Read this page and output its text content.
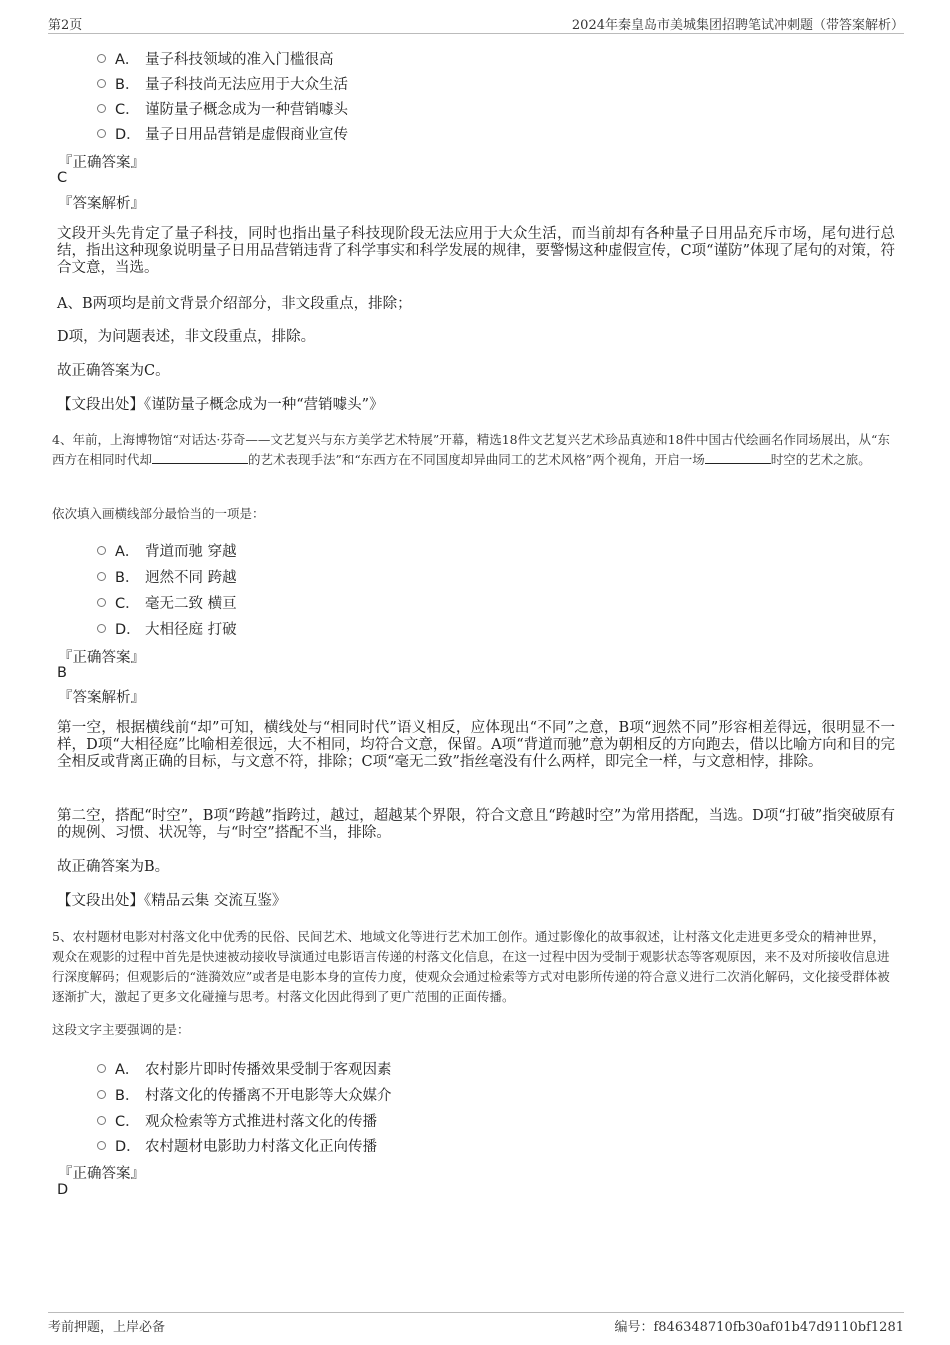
第2页	2024年秦皇岛市美城集团招聘笔试冲刺题（带答案解析）
A． 量子科技领域的准入门槛很高
B． 量子科技尚无法应用于大众生活
C． 谨防量子概念成为一种营销噱头
D． 量子日用品营销是虚假商业宣传
『正确答案』
C
『答案解析』
文段开头先肯定了量子科技，同时也指出量子科技现阶段无法应用于大众生活，而当前却有各种量子日用品充斥市场，尾句进行总结，指出这种现象说明量子日用品营销违背了科学事实和科学发展的规律，要警惕这种虚假宣传，C项“谨防”体现了尾句的对策，符合文意，当选。
A、B两项均是前文背景介绍部分，非文段重点，排除；
D项，为问题表述，非文段重点，排除。
故正确答案为C。
【文段出处】《谨防量子概念成为一种“营销噱头”》
4、年前，上海博物馆“对话达·芬奇——文艺复兴与东方美学艺术特展”开幕，精选18件文艺复兴艺术珍品真迹和18件中国古代绘画名作同场展出，从“东西方在相同时代却	的艺术表现手法”和“东西方在不同国度却异曲同工的艺术风格”两个视角，开启一场	时空的艺术之旅。
依次填入画横线部分最恰当的一项是：
A． 背道而驰 穿越
B． 迥然不同 跨越
C． 毫无二致 横亘
D． 大相径庭 打破
『正确答案』
B
『答案解析』
第一空，根据横线前“却”可知，横线处与“相同时代”语义相反，应体现出“不同”之意，B项“迥然不同”形容相差得远，很明显不一样，D项“大相径庭”比喻相差很远，大不相同，均符合文意，保留。A项“背道而驰”意为朝相反的方向跑去，借以比喻方向和目的完全相反或背离正确的目标，与文意不符，排除；C项“毫无二致”指丝毫没有什么两样，即完全一样，与文意相悖，排除。
第二空，搭配“时空”，B项“跨越”指跨过，越过，超越某个界限，符合文意且“跨越时空”为常用搭配，当选。D项“打破”指突破原有的规例、习惯、状况等，与“时空”搭配不当，排除。
故正确答案为B。
【文段出处】《精品云集 交流互鉴》
5、农村题材电影对村落文化中优秀的民俗、民间艺术、地域文化等进行艺术加工创作。通过影像化的故事叙述，让村落文化走进更多受众的精神世界，观众在观影的过程中首先是快速被动接收导演通过电影语言传递的村落文化信息，在这一过程中因为受制于观影状态等客观原因，来不及对所接收信息进行深度解码；但观影后的“涟漪效应”或者是电影本身的宣传力度，使观众会通过检索等方式对电影所传递的符合意义进行二次消化解码，文化接受群体被逐渐扩大，激起了更多文化碰撞与思考。村落文化因此得到了更广范围的正面传播。
这段文字主要强调的是：
A． 农村影片即时传播效果受制于客观因素
B． 村落文化的传播离不开电影等大众媒介
C． 观众检索等方式推进村落文化的传播
D． 农村题材电影助力村落文化正向传播
『正确答案』
D
考前押题，上岸必备	编号：f846348710fb30af01b47d9110bf1281
